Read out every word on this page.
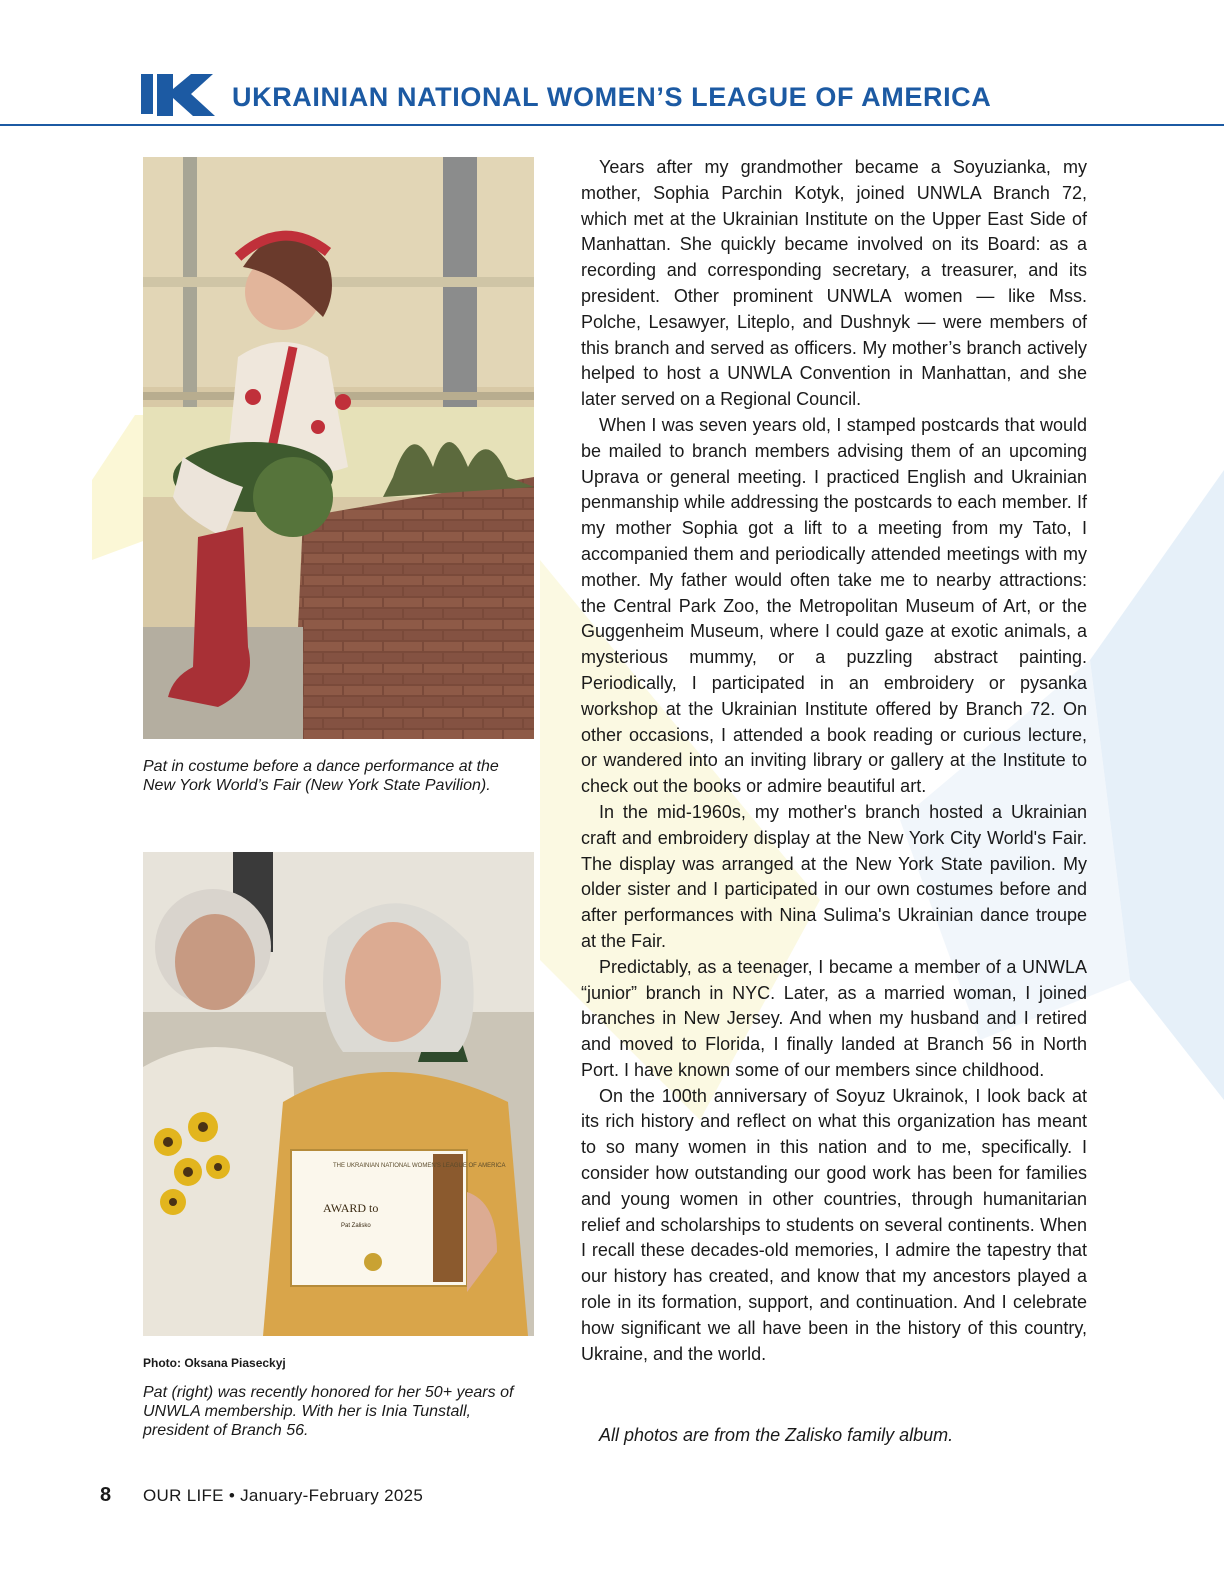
UKRAINIAN NATIONAL WOMEN’S LEAGUE OF AMERICA
Pat in costume before a dance performance at the New York World’s Fair (New York State Pavilion).
THE UKRAINIAN NATIONAL WOMEN'S LEAGUE OF AMERICA
AWARD to
Pat Zalisko
Photo: Oksana Piaseckyj
Pat (right) was recently honored for her 50+ years of UNWLA membership. With her is Inia Tunstall, president of Branch 56.

Years after my grandmother became a Soyuzianka, my mother, Sophia Parchin Kotyk, joined UNWLA Branch 72, which met at the Ukrainian Institute on the Upper East Side of Manhattan. She quickly became involved on its Board: as a recording and corresponding secretary, a treasurer, and its president. Other prominent UNWLA women — like Mss. Polche, Lesawyer, Liteplo, and Dushnyk — were members of this branch and served as officers. My mother’s branch actively helped to host a UNWLA Convention in Manhattan, and she later served on a Regional Council.

When I was seven years old, I stamped postcards that would be mailed to branch members advising them of an upcoming Uprava or general meeting. I practiced English and Ukrainian penmanship while addressing the postcards to each member. If my mother Sophia got a lift to a meeting from my Tato, I accompanied them and periodically attended meetings with my mother. My father would often take me to nearby attractions: the Central Park Zoo, the Metropolitan Museum of Art, or the Guggenheim Museum, where I could gaze at exotic animals, a mysterious mummy, or a puzzling abstract painting. Periodically, I participated in an embroidery or pysanka workshop at the Ukrainian Institute offered by Branch 72. On other occasions, I attended a book reading or curious lecture, or wandered into an inviting library or gallery at the Institute to check out the books or admire beautiful art.

In the mid-1960s, my mother's branch hosted a Ukrainian craft and embroidery display at the New York City World's Fair. The display was arranged at the New York State pavilion. My older sister and I participated in our own costumes before and after performances with Nina Sulima's Ukrainian dance troupe at the Fair.

Predictably, as a teenager, I became a member of a UNWLA “junior” branch in NYC. Later, as a married woman, I joined branches in New Jersey. And when my husband and I retired and moved to Florida, I finally landed at Branch 56 in North Port. I have known some of our members since childhood.

On the 100th anniversary of Soyuz Ukrainok, I look back at its rich history and reflect on what this organization has meant to so many women in this nation and to me, specifically. I consider how outstanding our good work has been for families and young women in other countries, through humanitarian relief and scholarships to students on several continents. When I recall these decades-old memories, I admire the tapestry that our history has created, and know that my ancestors played a role in its formation, support, and continuation. And I celebrate how significant we all have been in the history of this country, Ukraine, and the world.

All photos are from the Zalisko family album.
8 OUR LIFE • January-February 2025
